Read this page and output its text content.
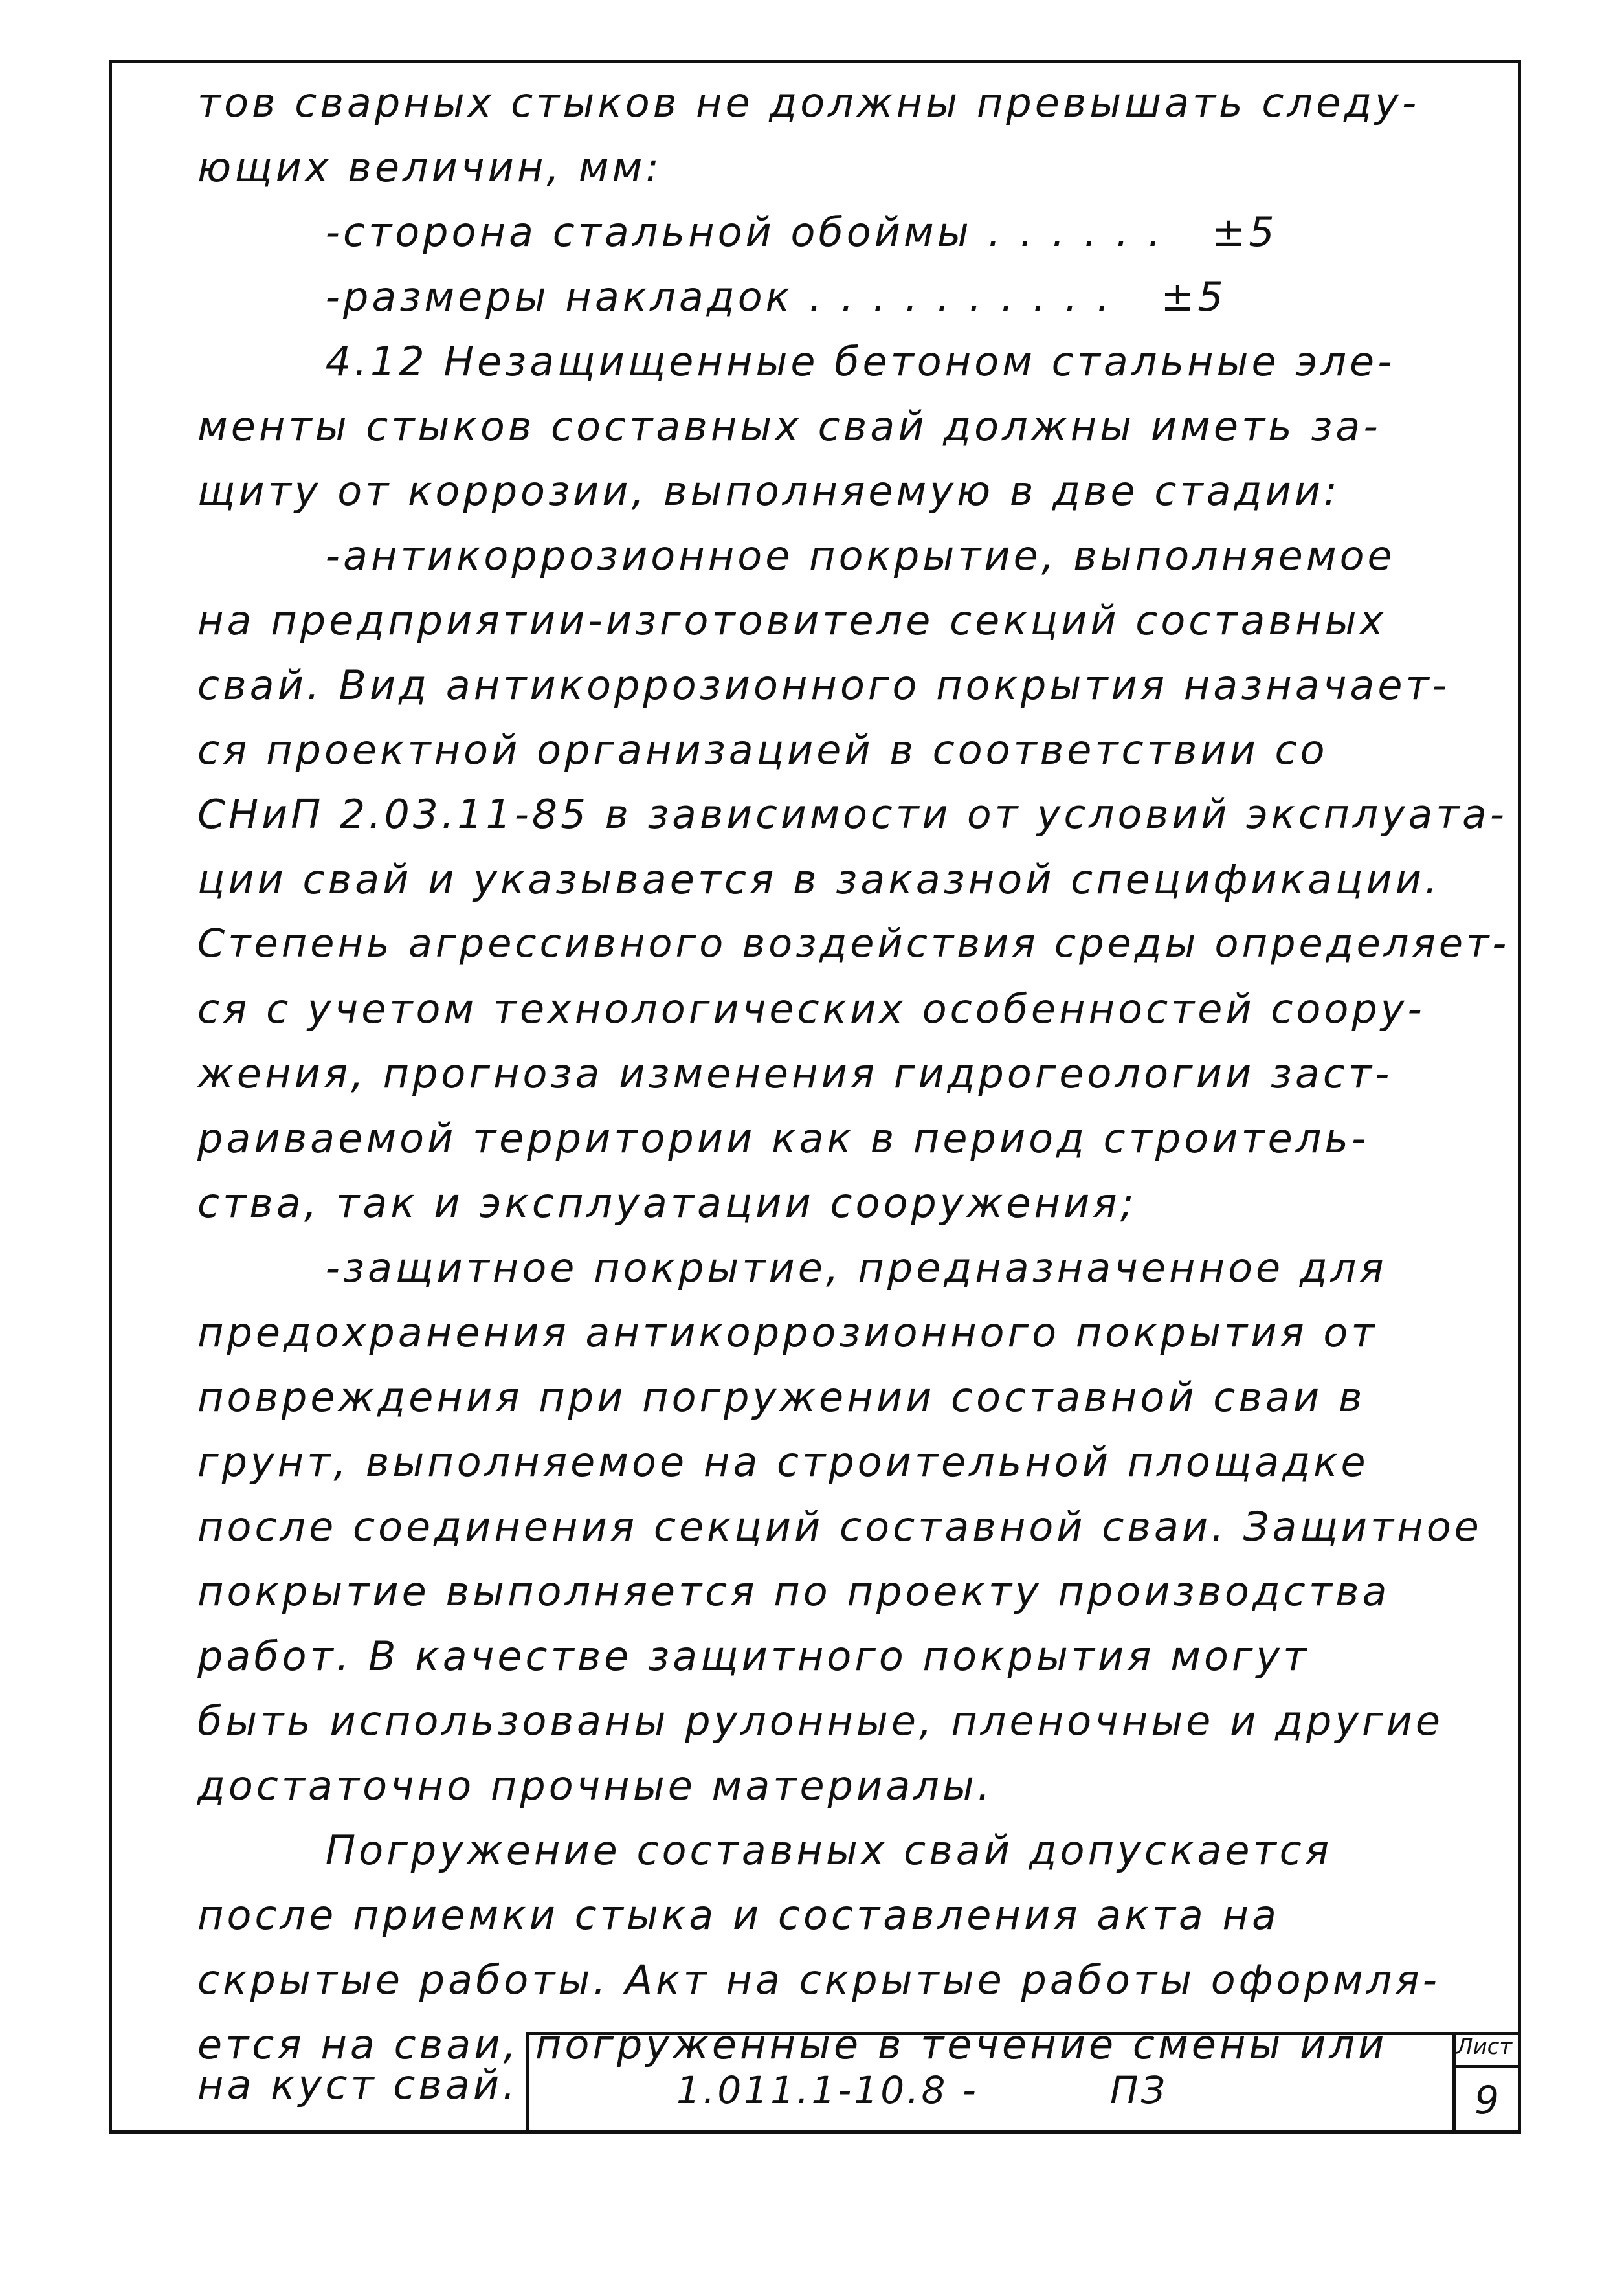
тов сварных стыков не должны превышать следу-
ющих величин, мм:
-сторона стальной обоймы . . . . . .   ±5
-размеры накладок . . . . . . . . . .   ±5
4.12 Незащищенные бетоном стальные эле-
менты стыков составных свай должны иметь за-
щиту от коррозии, выполняемую в две стадии:
-антикоррозионное покрытие, выполняемое
на предприятии-изготовителе секций составных
свай. Вид антикоррозионного покрытия назначает-
ся проектной организацией в соответствии со
СНиП 2.03.11-85 в зависимости от условий эксплуата-
ции свай и указывается в заказной спецификации.
Степень агрессивного воздействия среды определяет-
ся с учетом технологических особенностей соору-
жения, прогноза изменения гидрогеологии заст-
раиваемой территории как в период строитель-
ства, так и эксплуатации сооружения;
-защитное покрытие, предназначенное для
предохранения антикоррозионного покрытия от
повреждения при погружении составной сваи в
грунт, выполняемое на строительной площадке
после соединения секций составной сваи. Защитное
покрытие выполняется по проекту производства
работ. В качестве защитного покрытия могут
быть использованы рулонные, пленочные и другие
достаточно прочные материалы.
Погружение составных свай допускается
после приемки стыка и составления акта на
скрытые работы. Акт на скрытые работы оформля-
ется на сваи, погруженные в течение смены или
на куст свай.	1.011.1-10.8 -	ПЗ
Лист
9
